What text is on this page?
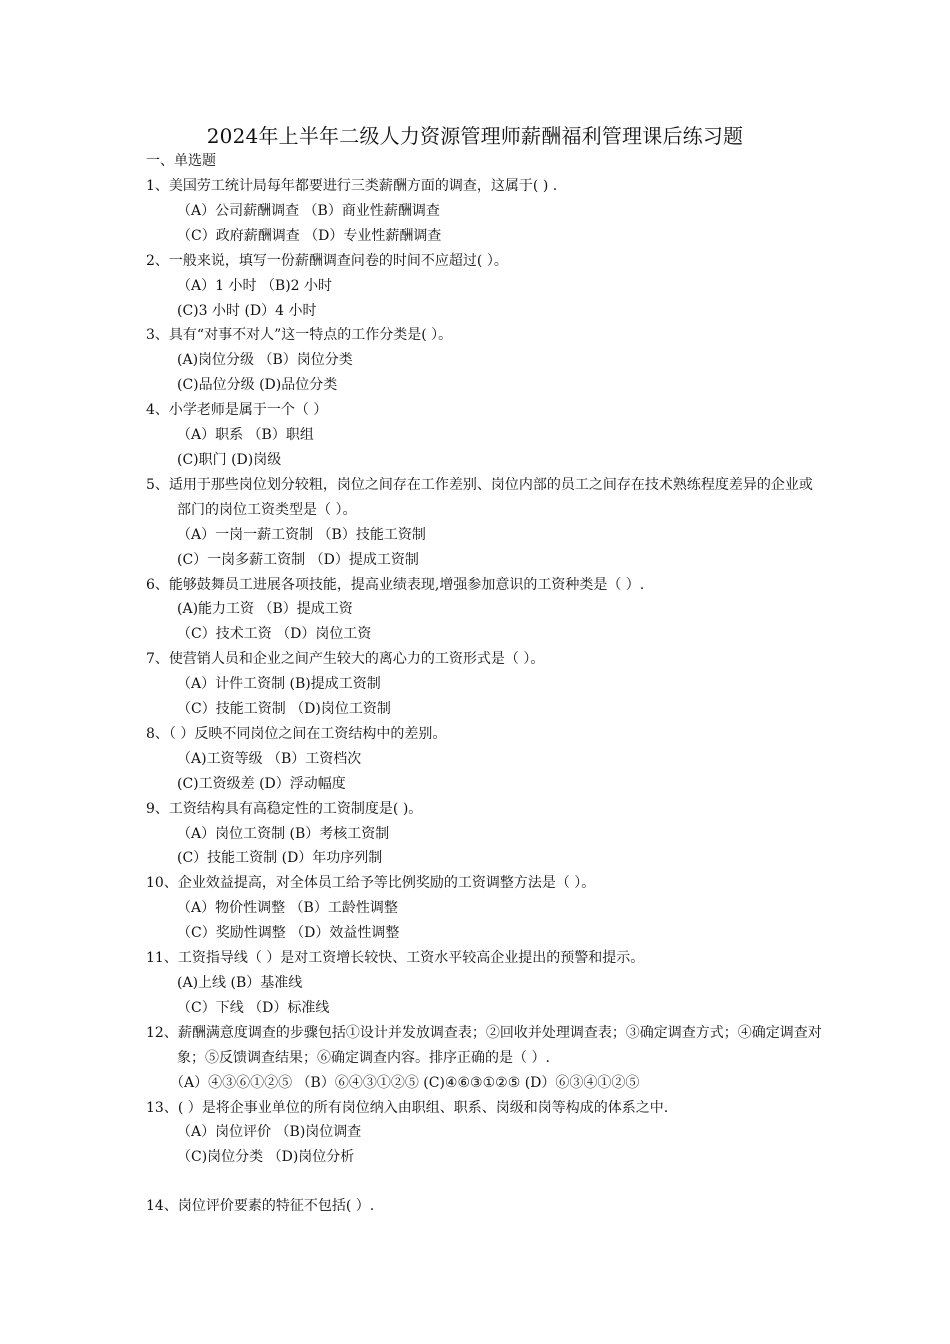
2024年上半年二级人力资源管理师薪酬福利管理课后练习题
一、单选题
1、美国劳工统计局每年都要进行三类薪酬方面的调查，这属于( ) .
（A）公司薪酬调查 （B）商业性薪酬调查
（C）政府薪酬调查 （D）专业性薪酬调查
2、一般来说，填写一份薪酬调查问卷的时间不应超过( ）。
（A）1 小时 （B)2 小时
(C)3 小时 (D）4 小时
3、具有“对事不对人”这一特点的工作分类是( ）。
(A)岗位分级 （B）岗位分类
(C)品位分级 (D)品位分类
4、小学老师是属于一个（ ）
（A）职系 （B）职组
(C)职门 (D)岗级
5、适用于那些岗位划分较粗，岗位之间存在工作差别、岗位内部的员工之间存在技术熟练程度差异的企业或部门的岗位工资类型是（ ）。
（A）一岗一薪工资制 （B）技能工资制
(C）一岗多薪工资制 （D）提成工资制
6、能够鼓舞员工进展各项技能，提高业绩表现,增强参加意识的工资种类是（ ）.
(A)能力工资 （B）提成工资
（C）技术工资 （D）岗位工资
7、使营销人员和企业之间产生较大的离心力的工资形式是（ ）。
（A）计件工资制 (B)提成工资制
（C）技能工资制 （D)岗位工资制
8、（ ）反映不同岗位之间在工资结构中的差别。
（A)工资等级 （B）工资档次
(C)工资级差 (D）浮动幅度
9、工资结构具有高稳定性的工资制度是( )。
（A）岗位工资制 (B）考核工资制
(C）技能工资制 (D）年功序列制
10、企业效益提高，对全体员工给予等比例奖励的工资调整方法是（ ）。
（A）物价性调整 （B）工龄性调整
（C）奖励性调整 （D）效益性调整
11、工资指导线（ ）是对工资增长较快、工资水平较高企业提出的预警和提示。
(A)上线 (B）基准线
（C）下线 （D）标准线
12、薪酬满意度调查的步骤包括①设计并发放调查表；②回收并处理调查表；③确定调查方式；④确定调查对象；⑤反馈调查结果；⑥确定调查内容。排序正确的是（ ）.
（A）④③⑥①②⑤ （B）⑥④③①②⑤ (C)④⑥③①②⑤ (D）⑥③④①②⑤
13、( ）是将企事业单位的所有岗位纳入由职组、职系、岗级和岗等构成的体系之中.
（A）岗位评价 （B)岗位调查
（C)岗位分类 （D)岗位分析
14、岗位评价要素的特征不包括( ）.
